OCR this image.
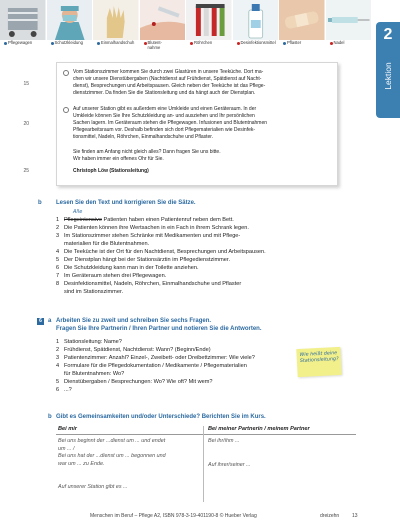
Pflegewagen	Schutzkleidung	Einmalhandschuh	Blutent-
nahme
Röhrchen	Desinfektionsmittel	Pflaster	Nadel	2
Lektion
15
20
25
Vom Stationszimmer kommen Sie durch zwei Glastüren in unsere Teeküche. Dort ma-
chen wir unsere Dienstübergaben (Nachtdienst auf Frühdienst, Spätdienst auf Nacht-
dienst), Besprechungen und Arbeitspausen. Gleich neben der Teeküche ist das Pflege-
dienstzimmer. Da finden Sie die Stationsleitung und da hängt auch der Dienstplan.
Auf unserer Station gibt es außerdem eine Umkleide und einen Geräteraum. In der
Umkleide können Sie Ihre Schutzkleidung an- und ausziehen und Ihr persönlichen
Sachen lagern. Im Geräteraum stehen die Pflegewagen. Infusionen und Blutentnahmen
Pflegearbeitsraum vor. Deshalb befinden sich dort Pflegematerialien wie Desinfek-
tionsmittel, Nadeln, Röhrchen, Einmalhandschuhe und Pflaster.
Sie finden am Anfang nicht gleich alles? Dann fragen Sie uns bitte.
Wir haben immer ein offenes Ohr für Sie.
Christoph Löw (Stationsleitung)
b Lesen Sie den Text und korrigieren Sie die Sätze.
Alle
1 Pflegeintensive Patienten haben einen Patientenruf neben dem Bett.
2 Die Patienten können ihre Wertsachen in ein Fach in ihrem Schrank legen.
3 Im Stationszimmer stehen Schränke mit Medikamenten und mit Pflege-
materialien für die Blutentnahmen.
4 Die Teeküche ist der Ort für den Nachtdienst, Besprechungen und Arbeitspausen.
5 Der Dienstplan hängt bei der Stationsärztin im Pflegedienstzimmer.
6 Die Schutzkleidung kann man in der Toilette anziehen.
7 Im Geräteraum stehen drei Pflegewagen.
8 Desinfektionsmittel, Nadeln, Röhrchen, Einmalhandschuhe und Pflaster
sind im Stationszimmer.
6	a Arbeiten Sie zu zweit und schreiben Sie sechs Fragen.
Fragen Sie Ihre Partnerin / Ihren Partner und notieren Sie die Antworten.
1 Stationsleitung: Name?
2 Frühdienst, Spätdienst, Nachtdienst: Wann? (Beginn/Ende)
3 Patientenzimmer: Anzahl? Einzel-, Zweibett- oder Dreibettzimmer: Wie viele?
4 Formulare für die Pflegedokumentation / Medikamente / Pflegematerialien
für Blutentnahmen: Wo?
5 Dienstübergaben / Besprechungen: Wo? Wie oft? Mit wem?
6 ...?
Wie heißt deine
Stationsleitung?
b Gibt es Gemeinsamkeiten und/oder Unterschiede? Berichten Sie im Kurs.
Bei mir	Bei meiner Partnerin / meinem Partner
Bei uns beginnt der ...dienst um ... und endet
um ... /
Bei uns hat der ...dienst um ... begonnen und
war um ... zu Ende.
Auf unserer Station gibt es ...
Bei ihr/ihm ...
Auf ihrer/seiner ...
Menschen im Beruf – Pflege A2, ISBN 978-3-19-401190-8 © Hueber Verlag	dreizehn	13
